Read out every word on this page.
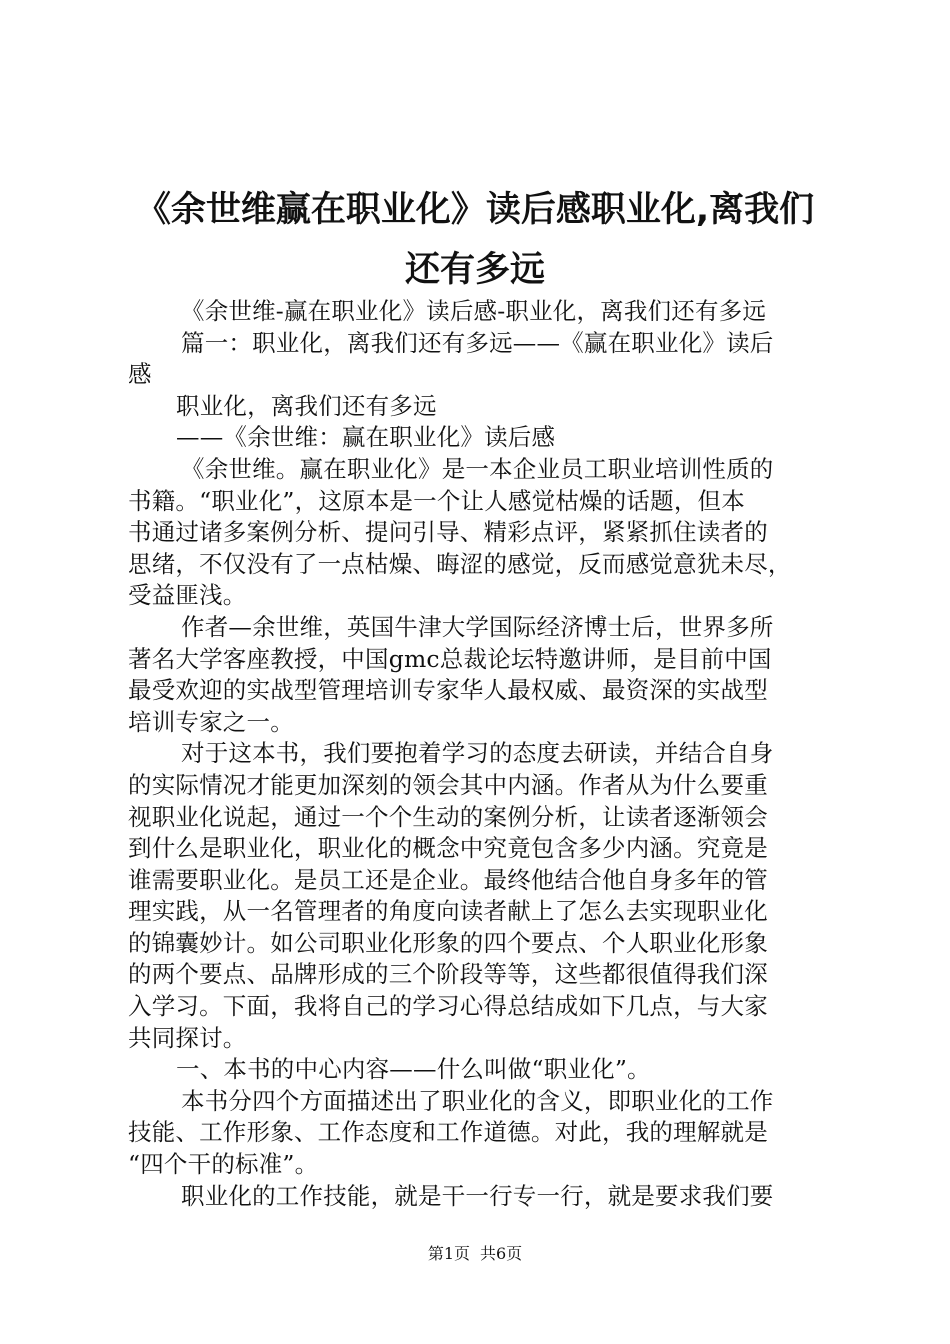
《余世维赢在职业化》读后感职业化,离我们
还有多远
《余世维-赢在职业化》读后感-职业化，离我们还有多远
篇一：职业化，离我们还有多远——《赢在职业化》读后
感
职业化，离我们还有多远
——《余世维：赢在职业化》读后感
《余世维。赢在职业化》是一本企业员工职业培训性质的
书籍。“职业化”，这原本是一个让人感觉枯燥的话题，但本
书通过诸多案例分析、提问引导、精彩点评，紧紧抓住读者的
思绪，不仅没有了一点枯燥、晦涩的感觉，反而感觉意犹未尽，
受益匪浅。
作者—余世维，英国牛津大学国际经济博士后，世界多所
著名大学客座教授，中国gmc总裁论坛特邀讲师，是目前中国
最受欢迎的实战型管理培训专家华人最权威、最资深的实战型
培训专家之一。
对于这本书，我们要抱着学习的态度去研读，并结合自身
的实际情况才能更加深刻的领会其中内涵。作者从为什么要重
视职业化说起，通过一个个生动的案例分析，让读者逐渐领会
到什么是职业化，职业化的概念中究竟包含多少内涵。究竟是
谁需要职业化。是员工还是企业。最终他结合他自身多年的管
理实践，从一名管理者的角度向读者献上了怎么去实现职业化
的锦囊妙计。如公司职业化形象的四个要点、个人职业化形象
的两个要点、品牌形成的三个阶段等等，这些都很值得我们深
入学习。下面，我将自己的学习心得总结成如下几点，与大家
共同探讨。
一、本书的中心内容——什么叫做“职业化”。
本书分四个方面描述出了职业化的含义，即职业化的工作
技能、工作形象、工作态度和工作道德。对此，我的理解就是
“四个干的标准”。
职业化的工作技能，就是干一行专一行，就是要求我们要
第1页 共6页
